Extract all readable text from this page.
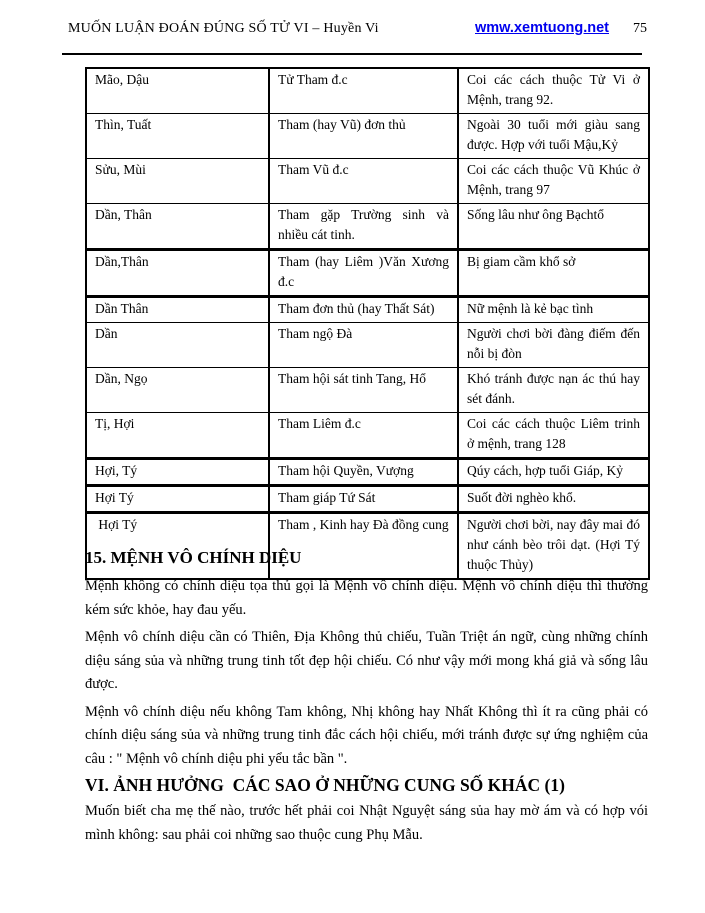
MUỐN LUẬN ĐOÁN ĐÚNG SỐ TỬ VI – Huyền Vi	wmw.xemtuong.net 75
Mão, Dậu	Tử Tham đ.c	Coi các cách thuộc Tử Vi ở Mệnh, trang 92.
Thìn, Tuất	Tham (hay Vũ) đơn thủ	Ngoài 30 tuổi mới giàu sang được. Hợp với tuổi Mậu,Kỷ
Sửu, Mùi	Tham Vũ đ.c	Coi các cách thuộc Vũ Khúc ở Mệnh, trang 97
Dần, Thân	Tham gặp Trường sinh và nhiều cát tinh.	Sống lâu như ông Bạchtổ
Dần,Thân	Tham (hay Liêm )Văn Xương đ.c	Bị giam cầm khổ sở
Dần Thân	Tham đơn thủ (hay Thất Sát)	Nữ mệnh là kẻ bạc tình
Dần	Tham ngộ Đà	Người chơi bời đàng điếm đến nỗi bị đòn
Dần, Ngọ	Tham hội sát tinh Tang, Hổ	Khó tránh được nạn ác thú hay sét đánh.
Tị, Hợi	Tham Liêm đ.c	Coi các cách thuộc Liêm trinh ở mệnh, trang 128
Hợi, Tý	Tham hội Quyền, Vượng	Qúy cách, hợp tuổi Giáp, Kỷ
Hợi Tý	Tham giáp Tứ Sát	Suốt đời nghèo khổ.
Hợi Tý	Tham , Kinh hay Đà đồng cung	Người chơi bời, nay đây mai đó như cánh bèo trôi dạt. (Hợi Tý thuộc Thủy)
15. MỆNH VÔ CHÍNH DIỆU

Mệnh không có chính diệu tọa thủ gọi là Mệnh vô chính diệu. Mệnh vô chính diệu thì thường kém sức khỏe, hay đau yếu.

Mệnh vô chính diệu cần có Thiên, Địa Không thủ chiếu, Tuần Triệt án ngữ, cùng những chính diệu sáng sủa và những trung tinh tốt đẹp hội chiếu. Có như vậy mới mong khá giả và sống lâu được.

Mệnh vô chính diệu nếu không Tam không, Nhị không hay Nhất Không thì ít ra cũng phải có chính diệu sáng sủa và những trung tinh đắc cách hội chiếu, mới tránh được sự ứng nghiệm của câu : " Mệnh vô chính diệu phi yểu tắc bần ".

VI. ẢNH HƯỞNG  CÁC SAO Ở NHỮNG CUNG SỐ KHÁC (1)

Muốn biết cha mẹ thế nào, trước hết phải coi Nhật Nguyệt sáng sủa hay mờ ám và có hợp vói mình không: sau phải coi những sao thuộc cung Phụ Mẫu.
